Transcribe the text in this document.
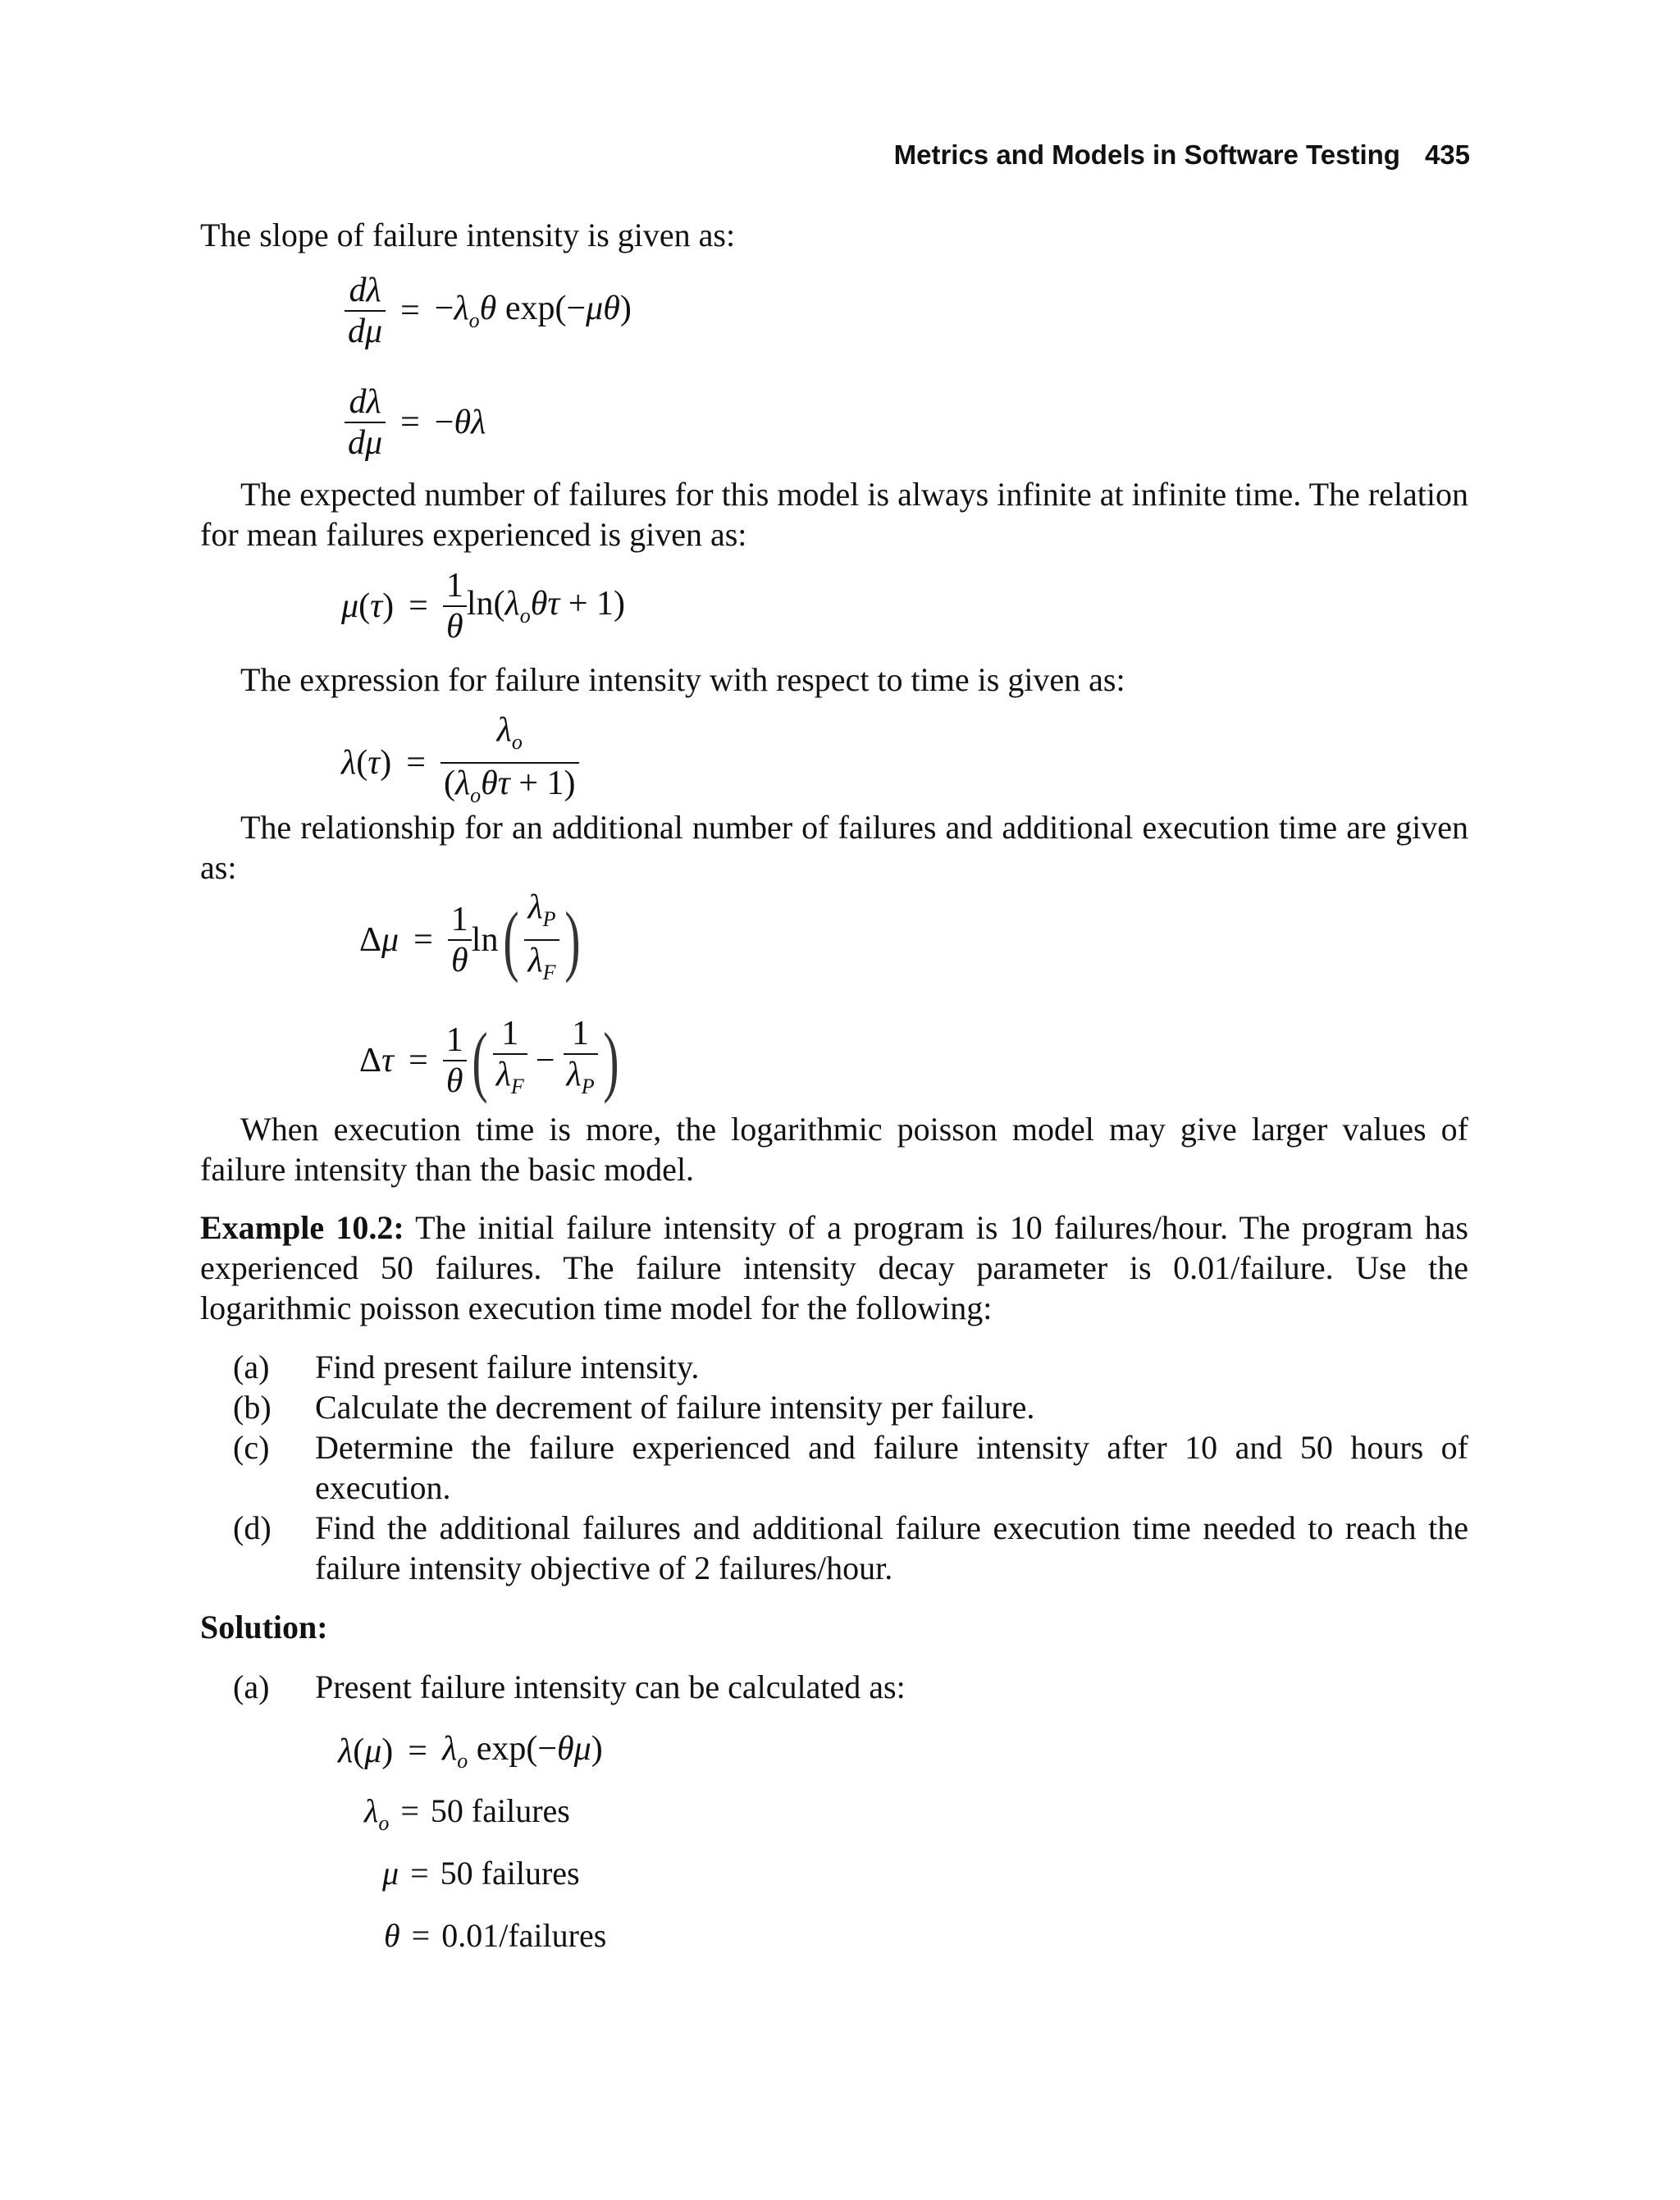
Metrics and Models in Software Testing 435
The slope of failure intensity is given as:
$\frac{d\lambda}{d\mu} = -\lambda_o\theta$ exp(−μθ)
$\frac{d\lambda}{d\mu} = -\theta\lambda$
The expected number of failures for this model is always infinite at infinite time. The relation for mean failures experienced is given as:
$\mu(\tau) = \frac{1}{\theta} \ln(\lambda_o\theta\tau + 1)$
The expression for failure intensity with respect to time is given as:
$\lambda(\tau) = \frac{\lambda_o}{(\lambda_o\theta\tau + 1)}$
The relationship for an additional number of failures and additional execution time are given as:
$\Delta\mu = \frac{1}{\theta}$ ln ( $\frac{\lambda_P}{\lambda_F}$ )
$\Delta\tau = \frac{1}{\theta}$ ( $\frac{1}{\lambda_F} - \frac{1}{\lambda_P}$ )
When execution time is more, the logarithmic poisson model may give larger values of failure intensity than the basic model.
Example 10.2: The initial failure intensity of a program is 10 failures/hour. The program has experienced 50 failures. The failure intensity decay parameter is 0.01/failure. Use the logarithmic poisson execution time model for the following:
(a) Find present failure intensity.
(b) Calculate the decrement of failure intensity per failure.
(c) Determine the failure experienced and failure intensity after 10 and 50 hours of execution.
(d) Find the additional failures and additional failure execution time needed to reach the failure intensity objective of 2 failures/hour.
Solution:
(a) Present failure intensity can be calculated as:
$\lambda(\mu) = \lambda_o$ exp(−θμ)
$\lambda_o = 50$ failures
μ = 50 failures
θ = 0.01/failures
